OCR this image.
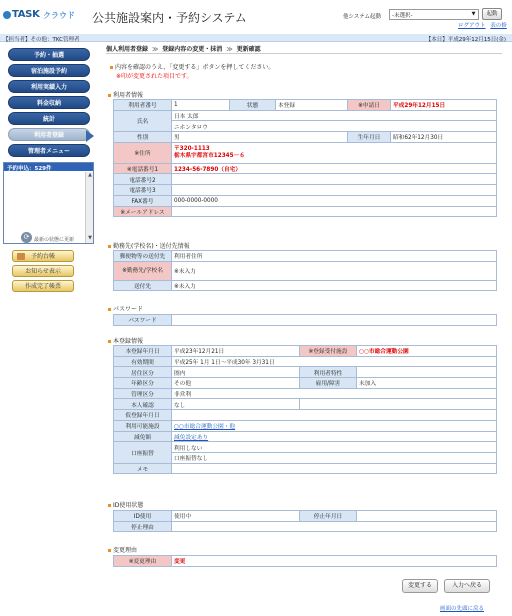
TASK クラウド 公共施設案内・予約システム	他システム起動	-未選択-	▼	起動
ログアウト 表の修
【担当者】その他：TKC管理者	【本日】平成29年12月15日(金)
予約・抽選
宿泊施設予約
利用実績入力
料金収納
統計
利用者登録
管理者メニュー
予約申込：529件
▲
▼
⟳ 最新の状態に更新
予約台帳
お知らせ表示
作成完了帳票
個人利用者登録 ≫ 登録内容の変更・抹消 ≫ 更新確認
内容を確認のうえ、「変更する」ボタンを押してください。
※印が変更された項目です。
利用者情報
利用者番号	1	状態	本登録	※申請日	平成29年12月15日
氏名	日本 太郎				
	ニホンタロウ				
性別	男			生年月日	昭和62年12月30日
※住所	〒320-1113
栃木県宇都宮市12345－６				

※電話番号1	1234-56-7890（自宅）				
電話番号2					
電話番号3					
FAX番号	000-0000-0000				
※メールアドレス					
勤務先(学校名)・送付先情報
郵便物等の送付先	利用者住所
※勤務先/学校名	※未入力
送付先	※未入力
パスワード
パスワード	
本登録情報
本登録年月日	平成23年12月21日	※登録受付施設	○○市総合運動公園
有効期間	平成25年 1月 1日～平成30年 3月31日		
居住区分	圏内	利用者特性	
年齢区分	その他	雇用/障害	未加入
管理区分	非営利		
本人確認	なし		
仮登録年月日			
利用可能施設	○○市総合運動公園・他		
減免額	減免設定あり		
口座振替	利用しない		
	口座振替なし		
メモ			
ID使用状態
ID使用	使用中	停止年月日	
停止理由			
変更理由
※変更理由	変更
変更する	入力へ戻る
画面の先頭に戻る
